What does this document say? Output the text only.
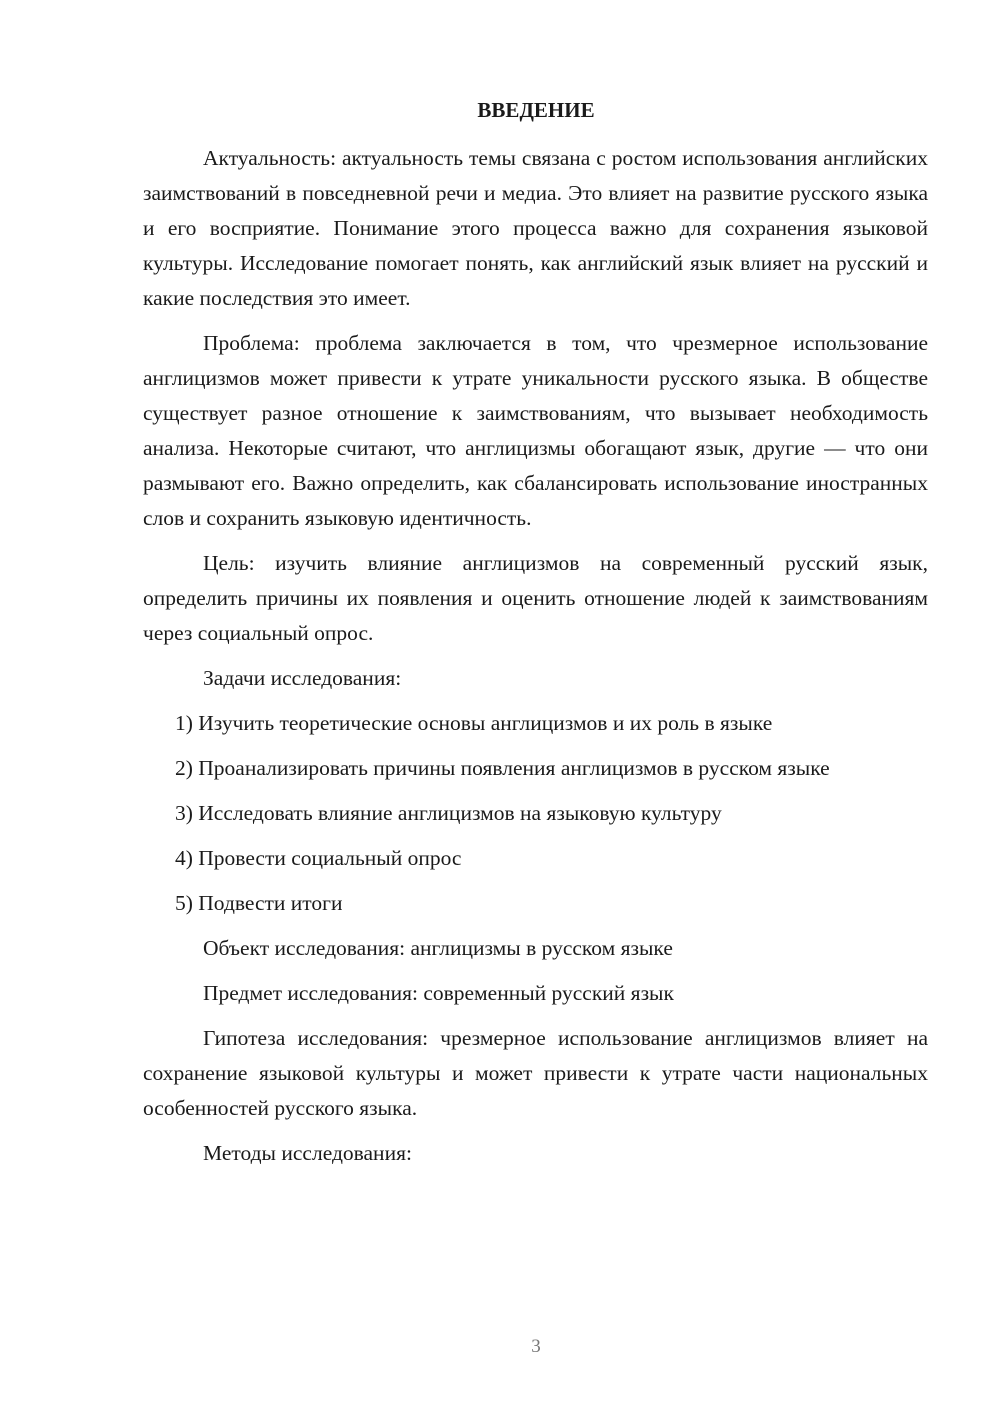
ВВЕДЕНИЕ

Актуальность: актуальность темы связана с ростом использования английских заимствований в повседневной речи и медиа. Это влияет на развитие русского языка и его восприятие. Понимание этого процесса важно для сохранения языковой культуры. Исследование помогает понять, как английский язык влияет на русский и какие последствия это имеет.

Проблема: проблема заключается в том, что чрезмерное использование англицизмов может привести к утрате уникальности русского языка. В обществе существует разное отношение к заимствованиям, что вызывает необходимость анализа. Некоторые считают, что англицизмы обогащают язык, другие — что они размывают его. Важно определить, как сбалансировать использование иностранных слов и сохранить языковую идентичность.

Цель: изучить влияние англицизмов на современный русский язык, определить причины их появления и оценить отношение людей к заимствованиям через социальный опрос.

Задачи исследования:

1) Изучить теоретические основы англицизмов и их роль в языке

2) Проанализировать причины появления англицизмов в русском языке

3) Исследовать влияние англицизмов на языковую культуру

4) Провести социальный опрос

5) Подвести итоги

Объект исследования: англицизмы в русском языке

Предмет исследования: современный русский язык

Гипотеза исследования: чрезмерное использование англицизмов влияет на сохранение языковой культуры и может привести к утрате части национальных особенностей русского языка.

Методы исследования:

3
